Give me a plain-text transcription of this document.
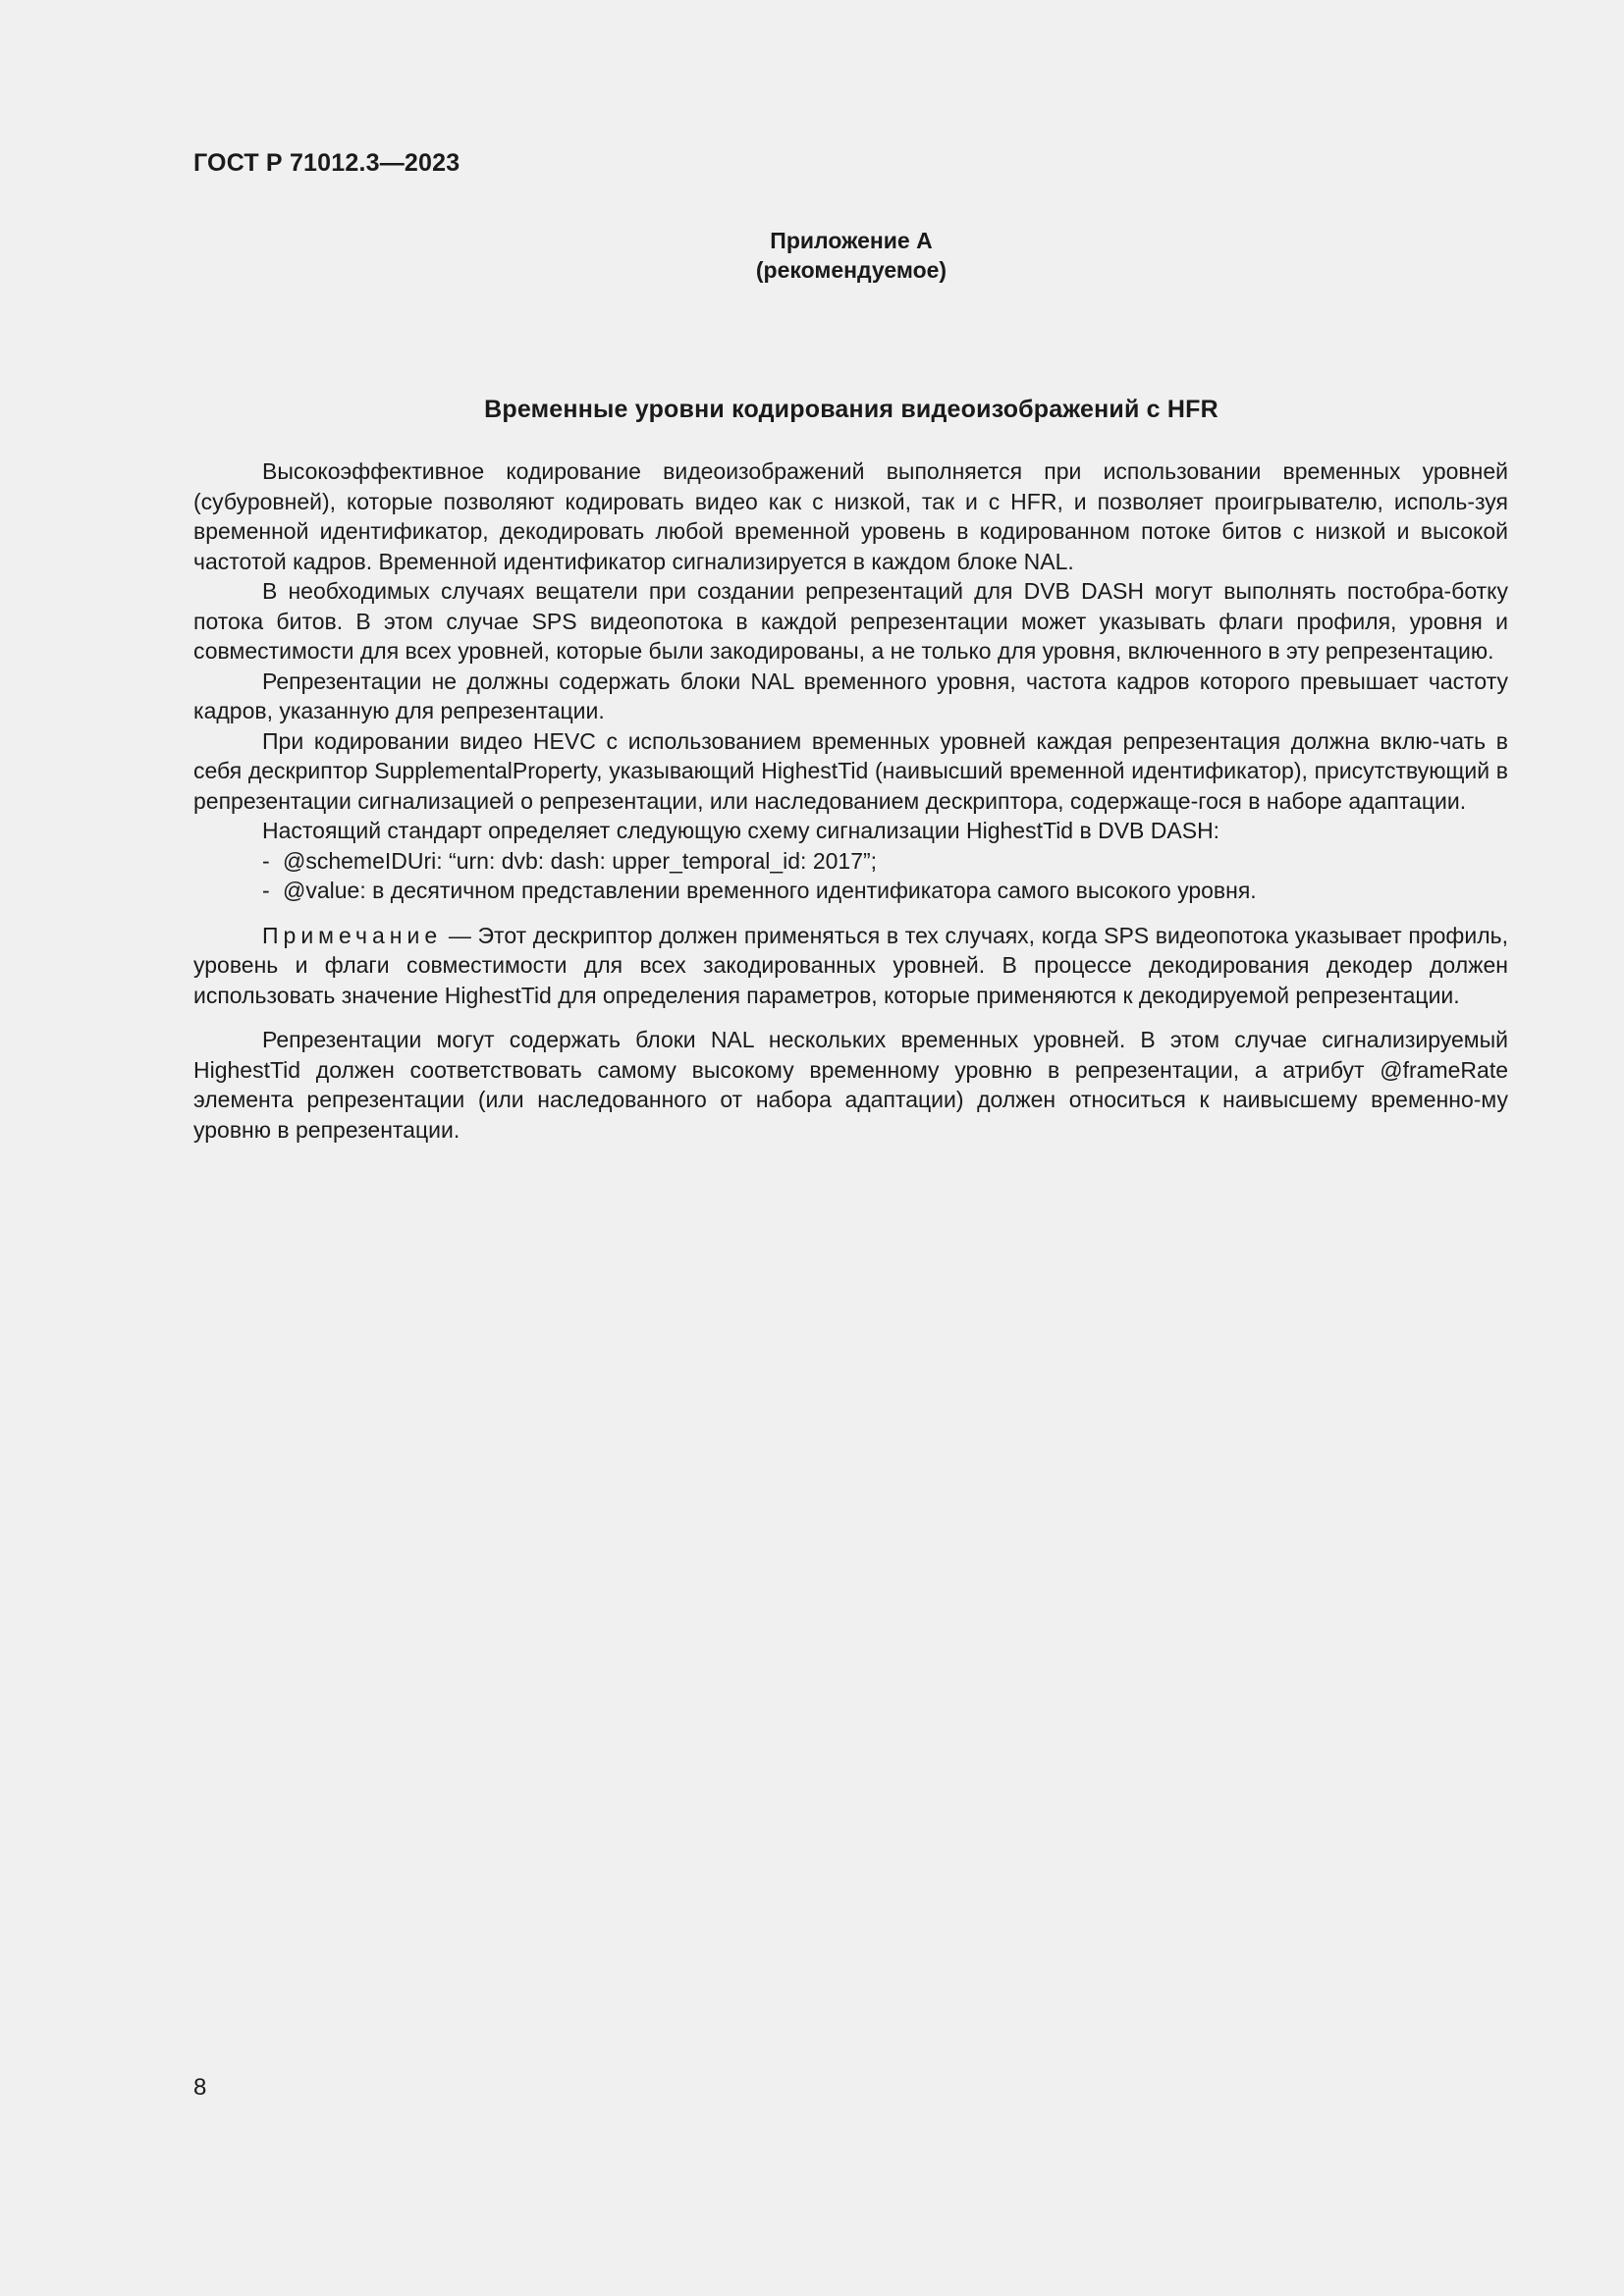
ГОСТ Р 71012.3—2023
Приложение А
(рекомендуемое)
Временные уровни кодирования видеоизображений с HFR

Высокоэффективное кодирование видеоизображений выполняется при использовании временных уровней (субуровней), которые позволяют кодировать видео как с низкой, так и с HFR, и позволяет проигрывателю, исполь-зуя временной идентификатор, декодировать любой временной уровень в кодированном потоке битов с низкой и высокой частотой кадров. Временной идентификатор сигнализируется в каждом блоке NAL.

В необходимых случаях вещатели при создании репрезентаций для DVB DASH могут выполнять постобра-ботку потока битов. В этом случае SPS видеопотока в каждой репрезентации может указывать флаги профиля, уровня и совместимости для всех уровней, которые были закодированы, а не только для уровня, включенного в эту репрезентацию.

Репрезентации не должны содержать блоки NAL временного уровня, частота кадров которого превышает частоту кадров, указанную для репрезентации.

При кодировании видео HEVC с использованием временных уровней каждая репрезентация должна вклю-чать в себя дескриптор SupplementalProperty, указывающий HighestTid (наивысший временной идентификатор), присутствующий в репрезентации сигнализацией о репрезентации, или наследованием дескриптора, содержаще-гося в наборе адаптации.

Настоящий стандарт определяет следующую схему сигнализации HighestTid в DVB DASH:

- @schemeIDUri: “urn: dvb: dash: upper_temporal_id: 2017”;
- @value: в десятичном представлении временного идентификатора самого высокого уровня.

Примечание — Этот дескриптор должен применяться в тех случаях, когда SPS видеопотока указывает профиль, уровень и флаги совместимости для всех закодированных уровней. В процессе декодирования декодер должен использовать значение HighestTid для определения параметров, которые применяются к декодируемой репрезентации.

Репрезентации могут содержать блоки NAL нескольких временных уровней. В этом случае сигнализируемый HighestTid должен соответствовать самому высокому временному уровню в репрезентации, а атрибут @frameRate элемента репрезентации (или наследованного от набора адаптации) должен относиться к наивысшему временно-му уровню в репрезентации.

8
